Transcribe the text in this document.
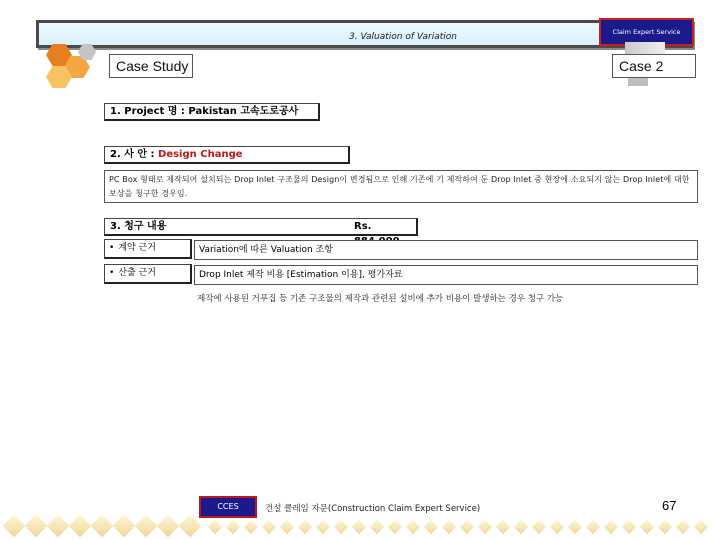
3. Valuation of Variation	Claim Expert Service
Case Study	Case 2
1. Project 명 : Pakistan 고속도로공사
2. 사 안 : Design Change
PC Box 형태로 제작되어 설치되는 Drop Inlet 구조물의 Design이 변경됨으로 인해 기존에 기 제작하여 둔 Drop Inlet 중 현장에 소요되지 않는 Drop Inlet에 대한 보상을 청구한 경우임.
3. 청구 내용	Rs.
• 계약 근거	Variation에 따른 Valuation 조항
• 산출 근거	Drop Inlet 제작 비용 [Estimation 이용], 평가자료
제작에 사용된 거푸집 등 기존 구조물의 제작과 관련된 설비에 추가 비용이 발생하는 경우 청구 가능
CCES	건설 클레임 자문(Construction Claim Expert Service)	67
